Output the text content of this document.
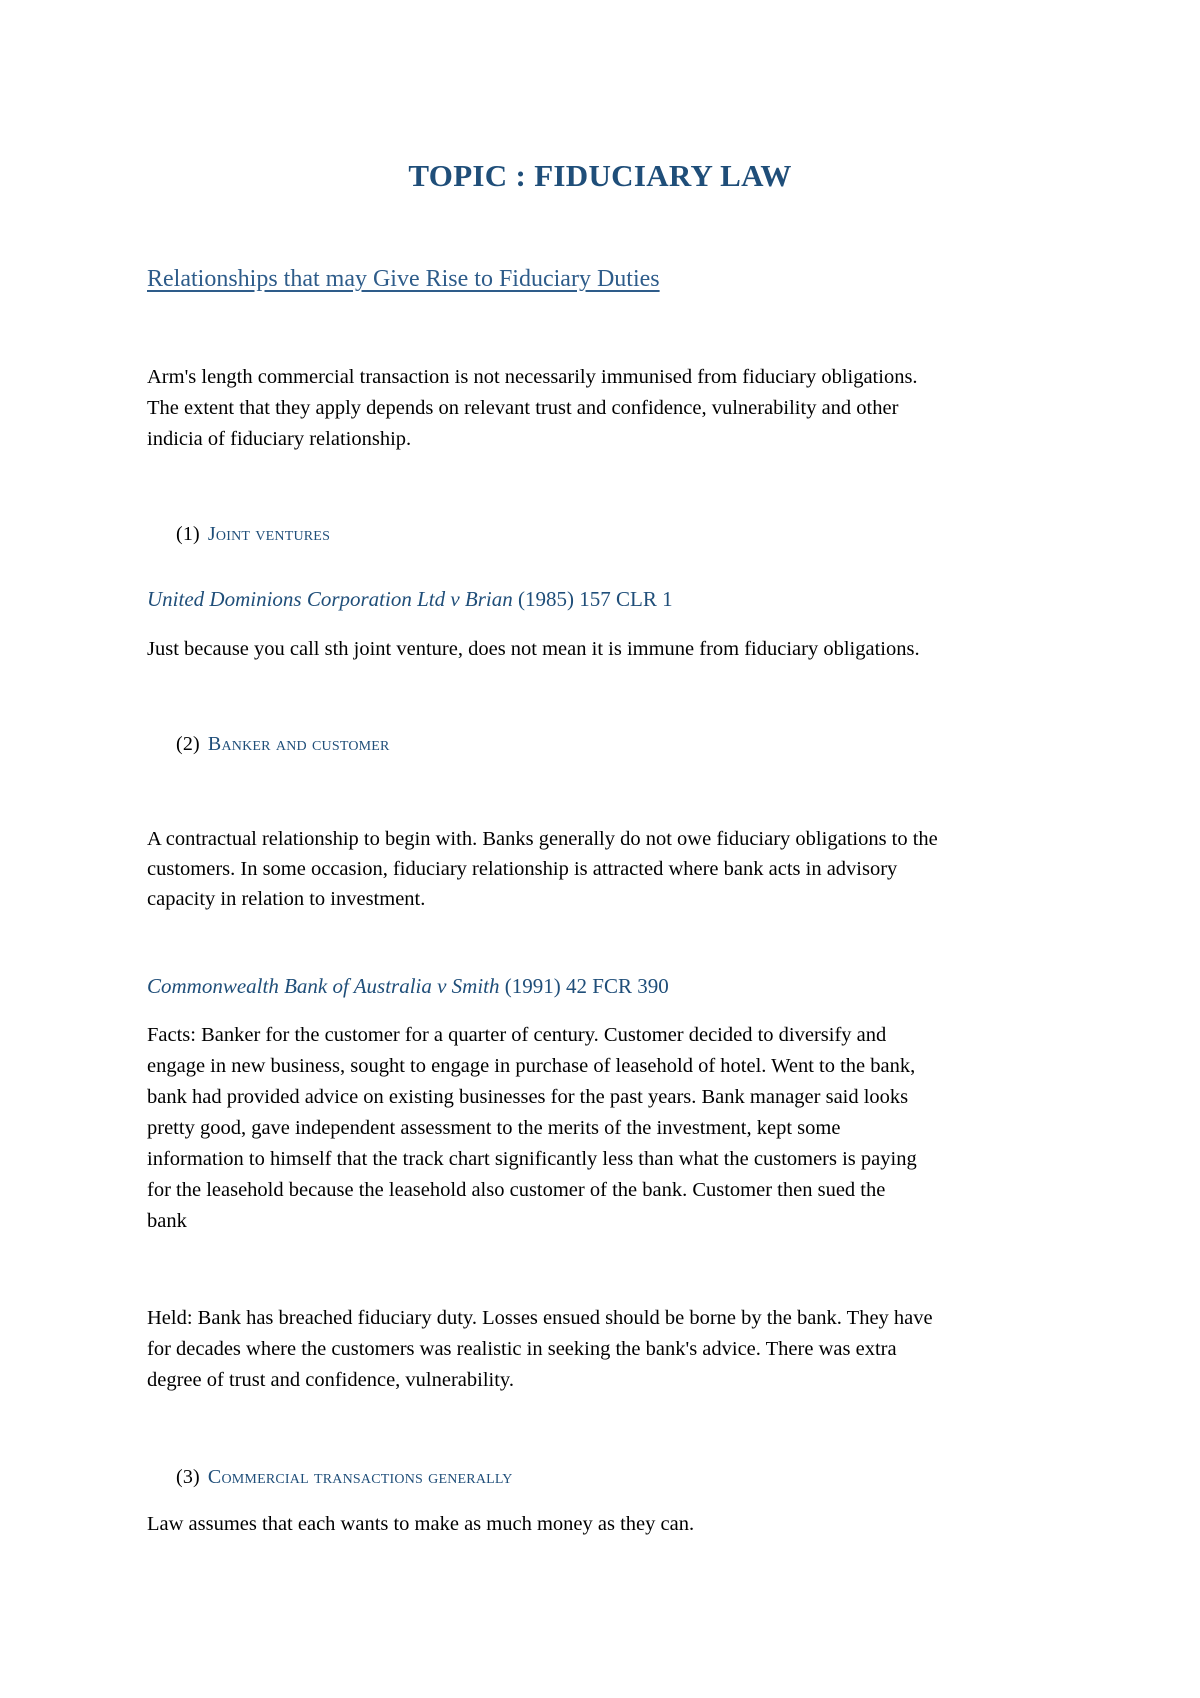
TOPIC : FIDUCIARY LAW
Relationships that may Give Rise to Fiduciary Duties
Arm's length commercial transaction is not necessarily immunised from fiduciary obligations.
The extent that they apply depends on relevant trust and confidence, vulnerability and other
indicia of fiduciary relationship.
(1) Joint ventures
United Dominions Corporation Ltd v Brian (1985) 157 CLR 1
Just because you call sth joint venture, does not mean it is immune from fiduciary obligations.
(2) Banker and customer
A contractual relationship to begin with. Banks generally do not owe fiduciary obligations to the
customers. In some occasion, fiduciary relationship is attracted where bank acts in advisory
capacity in relation to investment.
Commonwealth Bank of Australia v Smith (1991) 42 FCR 390
Facts: Banker for the customer for a quarter of century. Customer decided to diversify and
engage in new business, sought to engage in purchase of leasehold of hotel. Went to the bank,
bank had provided advice on existing businesses for the past years. Bank manager said looks
pretty good, gave independent assessment to the merits of the investment, kept some
information to himself that the track chart significantly less than what the customers is paying
for the leasehold because the leasehold also customer of the bank. Customer then sued the
bank
Held: Bank has breached fiduciary duty. Losses ensued should be borne by the bank. They have
for decades where the customers was realistic in seeking the bank's advice. There was extra
degree of trust and confidence, vulnerability.
(3) Commercial transactions generally
Law assumes that each wants to make as much money as they can.
